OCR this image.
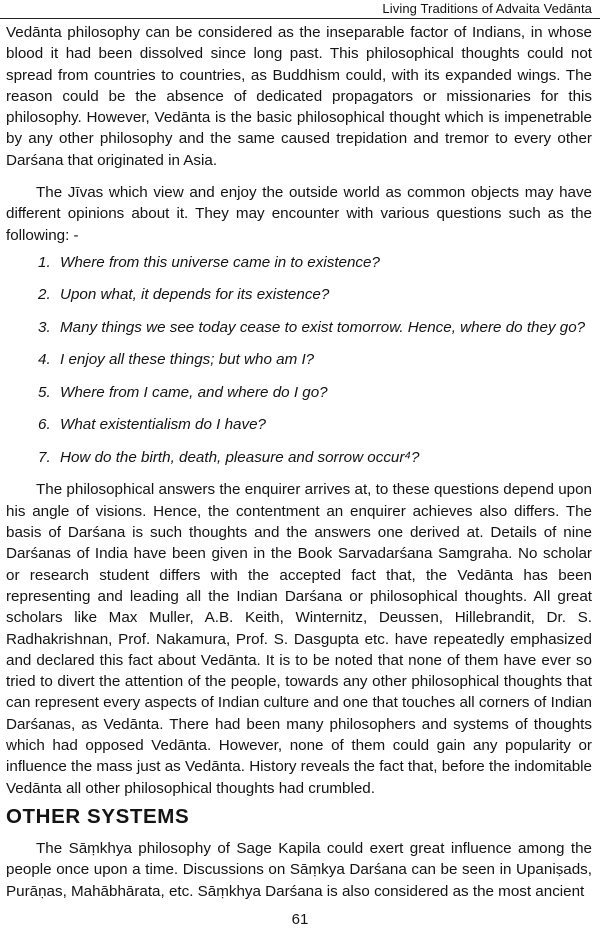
Living Traditions of Advaita Vedānta

Vedānta philosophy can be considered as the inseparable factor of Indians, in whose blood it had been dissolved since long past. This philosophical thoughts could not spread from countries to countries, as Buddhism could, with its expanded wings. The reason could be the absence of dedicated propagators or missionaries for this philosophy. However, Vedānta is the basic philosophical thought which is impenetrable by any other philosophy and the same caused trepidation and tremor to every other Darśana that originated in Asia.

The Jīvas which view and enjoy the outside world as common objects may have different opinions about it. They may encounter with various questions such as the following: -

1. Where from this universe came in to existence?
2. Upon what, it depends for its existence?
3. Many things we see today cease to exist tomorrow. Hence, where do they go?
4. I enjoy all these things; but who am I?
5. Where from I came, and where do I go?
6. What existentialism do I have?
7. How do the birth, death, pleasure and sorrow occur⁴?

The philosophical answers the enquirer arrives at, to these questions depend upon his angle of visions. Hence, the contentment an enquirer achieves also differs. The basis of Darśana is such thoughts and the answers one derived at. Details of nine Darśanas of India have been given in the Book Sarvadarśana Samgraha. No scholar or research student differs with the accepted fact that, the Vedānta has been representing and leading all the Indian Darśana or philosophical thoughts. All great scholars like Max Muller, A.B. Keith, Winternitz, Deussen, Hillebrandit, Dr. S. Radhakrishnan, Prof. Nakamura, Prof. S. Dasgupta etc. have repeatedly emphasized and declared this fact about Vedānta. It is to be noted that none of them have ever so tried to divert the attention of the people, towards any other philosophical thoughts that can represent every aspects of Indian culture and one that touches all corners of Indian Darśanas, as Vedānta. There had been many philosophers and systems of thoughts which had opposed Vedānta. However, none of them could gain any popularity or influence the mass just as Vedānta. History reveals the fact that, before the indomitable Vedānta all other philosophical thoughts had crumbled.

OTHER SYSTEMS

The Sāṃkhya philosophy of Sage Kapila could exert great influence among the people once upon a time. Discussions on Sāṃkya Darśana can be seen in Upaniṣads, Purāṇas, Mahābhārata, etc. Sāṃkhya Darśana is also considered as the most ancient

61
